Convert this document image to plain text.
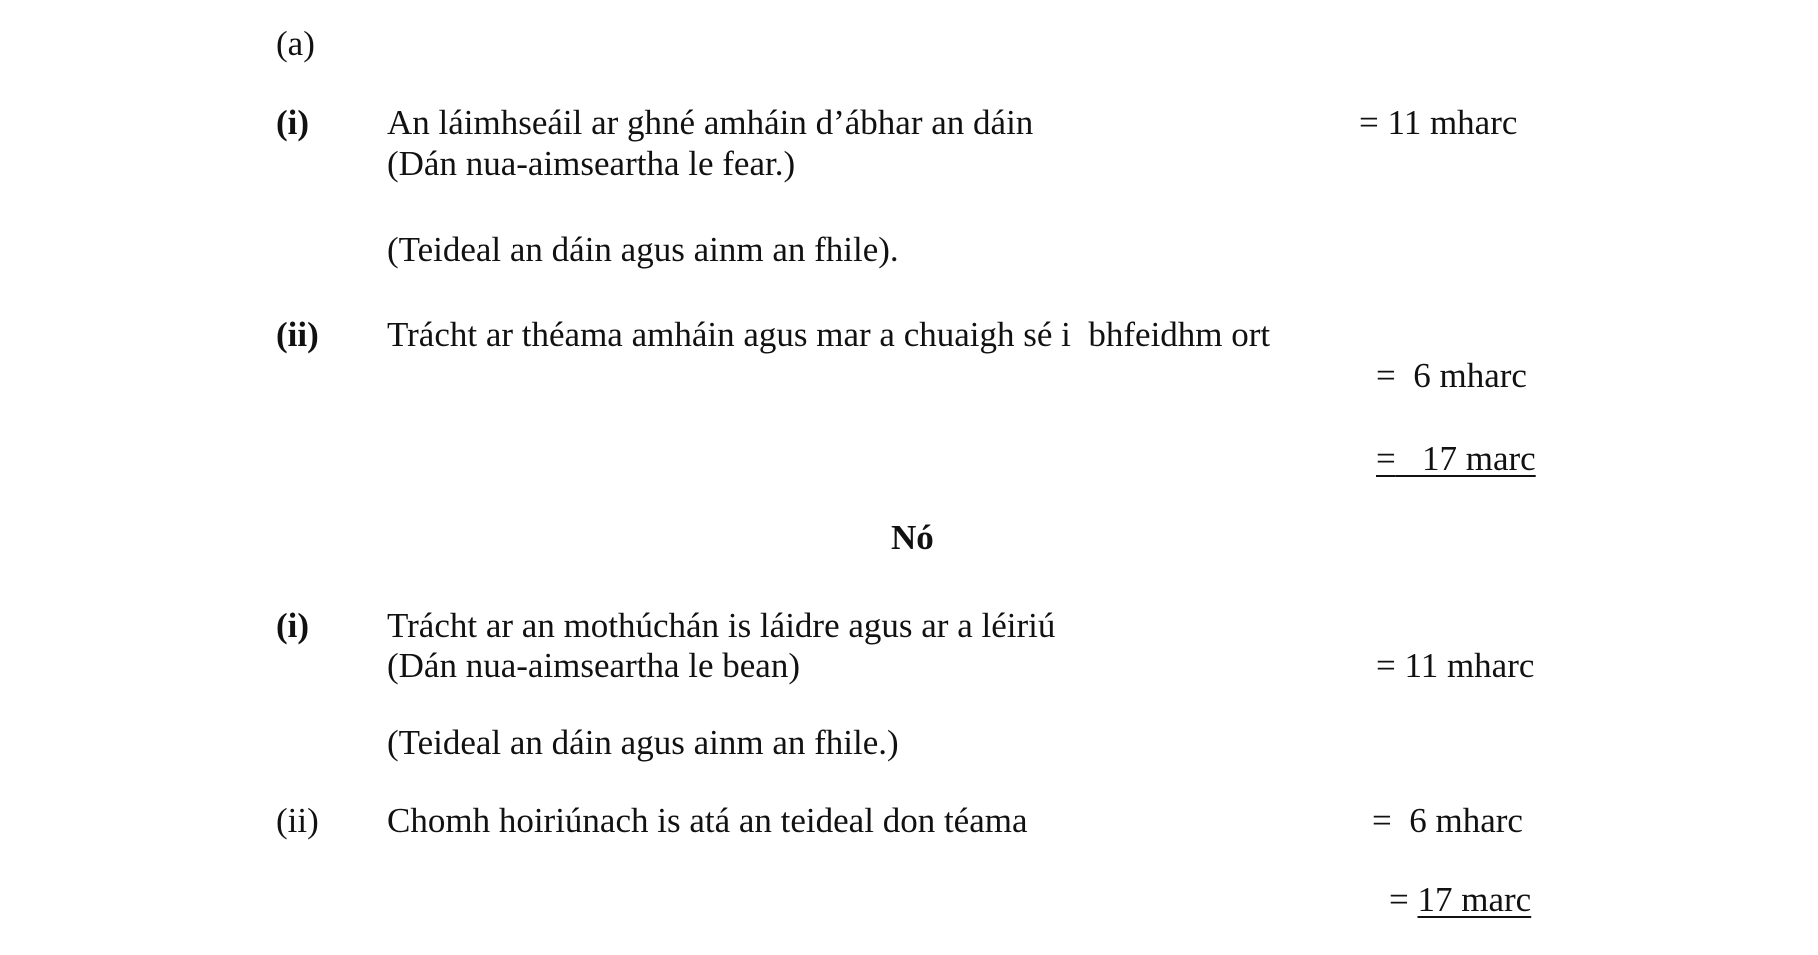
(a)
(i) An láimhseáil ar ghné amháin d’ábhar an dáin	= 11 mharc
(Dán nua-aimseartha le fear.)
(Teideal an dáin agus ainm an fhile).
(ii) Trácht ar théama amháin agus mar a chuaigh sé i  bhfeidhm ort
=  6 mharc
=   17 marc
Nó
(i) Trácht ar an mothúchán is láidre agus ar a léiriú
(Dán nua-aimseartha le bean)	= 11 mharc
(Teideal an dáin agus ainm an fhile.)
(ii) Chomh hoiriúnach is atá an teideal don téama	=  6 mharc
= 17 marc
